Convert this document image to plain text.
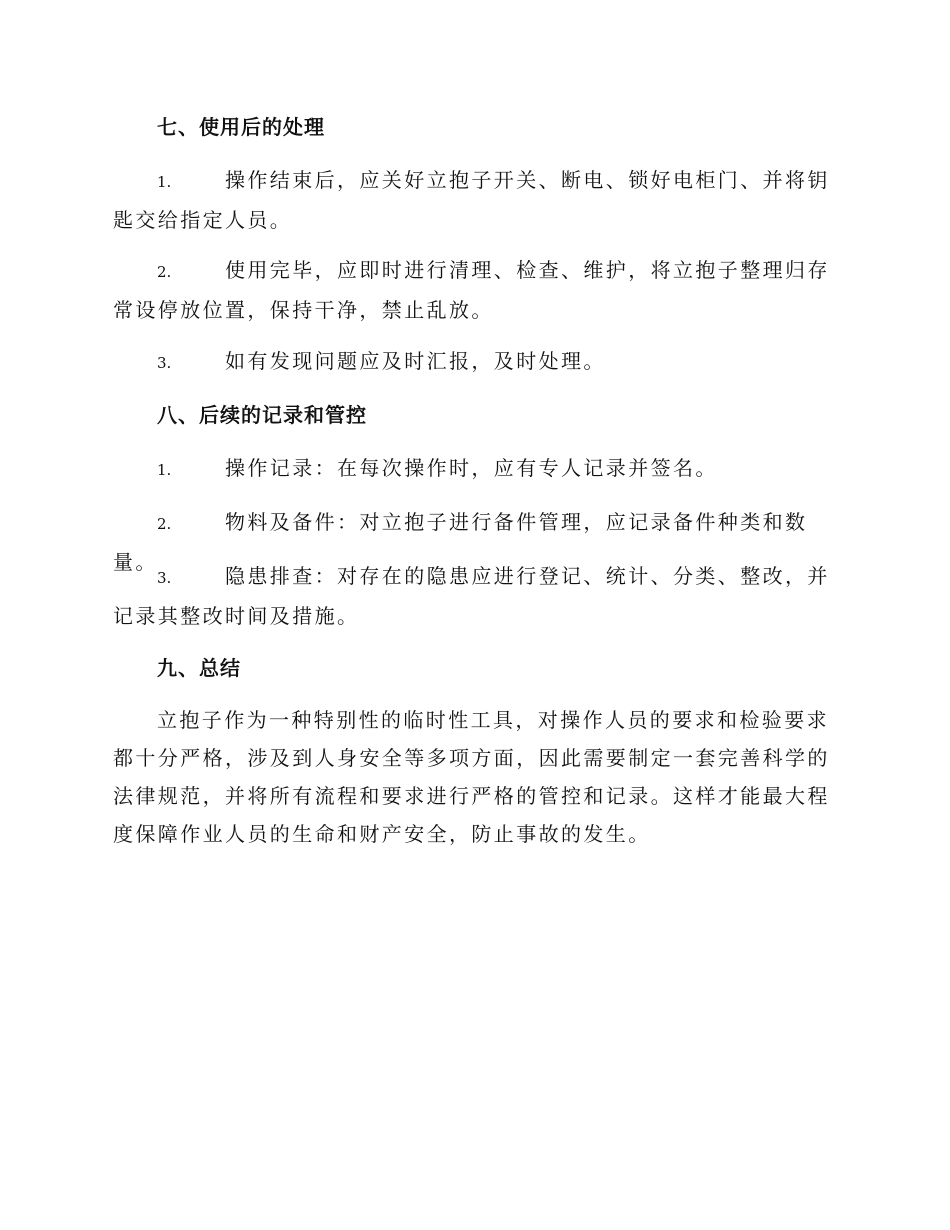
七、使用后的处理
1.	操作结束后，应关好立抱子开关、断电、锁好电柜门、并将钥匙交给指定人员。
2.	使用完毕，应即时进行清理、检查、维护，将立抱子整理归存常设停放位置，保持干净，禁止乱放。
3.	如有发现问题应及时汇报，及时处理。
八、后续的记录和管控
1.	操作记录：在每次操作时，应有专人记录并签名。
2.	物料及备件：对立抱子进行备件管理，应记录备件种类和数量。
3.	隐患排查：对存在的隐患应进行登记、统计、分类、整改，并记录其整改时间及措施。
九、总结
立抱子作为一种特别性的临时性工具，对操作人员的要求和检验要求都十分严格，涉及到人身安全等多项方面，因此需要制定一套完善科学的法律规范，并将所有流程和要求进行严格的管控和记录。这样才能最大程度保障作业人员的生命和财产安全，防止事故的发生。
